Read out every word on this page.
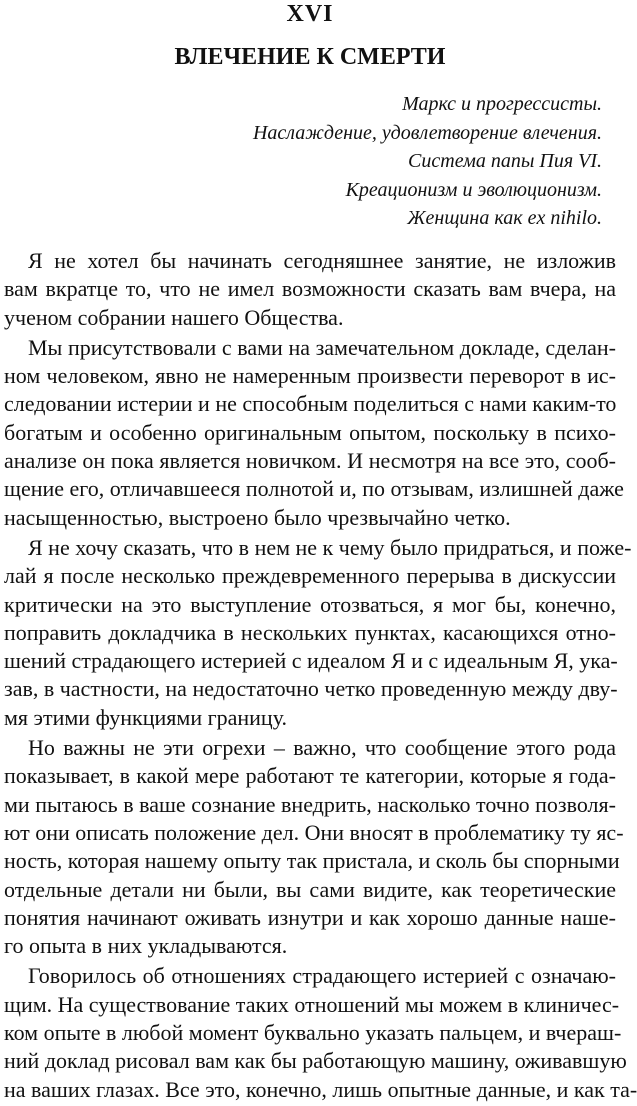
XVI
ВЛЕЧЕНИЕ К СМЕРТИ
Маркс и прогрессисты.
Наслаждение, удовлетворение влечения.
Система папы Пия VI.
Креационизм и эволюционизм.
Женщина как ex nihilo.
Я не хотел бы начинать сегодняшнее занятие, не изложив
вам вкратце то, что не имел возможности сказать вам вчера, на
ученом собрании нашего Общества.
Мы присутствовали с вами на замечательном докладе, сделан-
ном человеком, явно не намеренным произвести переворот в ис-
следовании истерии и не способным поделиться с нами каким-то
богатым и особенно оригинальным опытом, поскольку в психо-
анализе он пока является новичком. И несмотря на все это, сооб-
щение его, отличавшееся полнотой и, по отзывам, излишней даже
насыщенностью, выстроено было чрезвычайно четко.
Я не хочу сказать, что в нем не к чему было придраться, и поже-
лай я после несколько преждевременного перерыва в дискуссии
критически на это выступление отозваться, я мог бы, конечно,
поправить докладчика в нескольких пунктах, касающихся отно-
шений страдающего истерией с идеалом Я и с идеальным Я, ука-
зав, в частности, на недостаточно четко проведенную между дву-
мя этими функциями границу.
Но важны не эти огрехи – важно, что сообщение этого рода
показывает, в какой мере работают те категории, которые я года-
ми пытаюсь в ваше сознание внедрить, насколько точно позволя-
ют они описать положение дел. Они вносят в проблематику ту яс-
ность, которая нашему опыту так пристала, и сколь бы спорными
отдельные детали ни были, вы сами видите, как теоретические
понятия начинают оживать изнутри и как хорошо данные наше-
го опыта в них укладываются.
Говорилось об отношениях страдающего истерией с означаю-
щим. На существование таких отношений мы можем в клиничес-
ком опыте в любой момент буквально указать пальцем, и вчераш-
ний доклад рисовал вам как бы работающую машину, оживавшую
на ваших глазах. Все это, конечно, лишь опытные данные, и как та-
